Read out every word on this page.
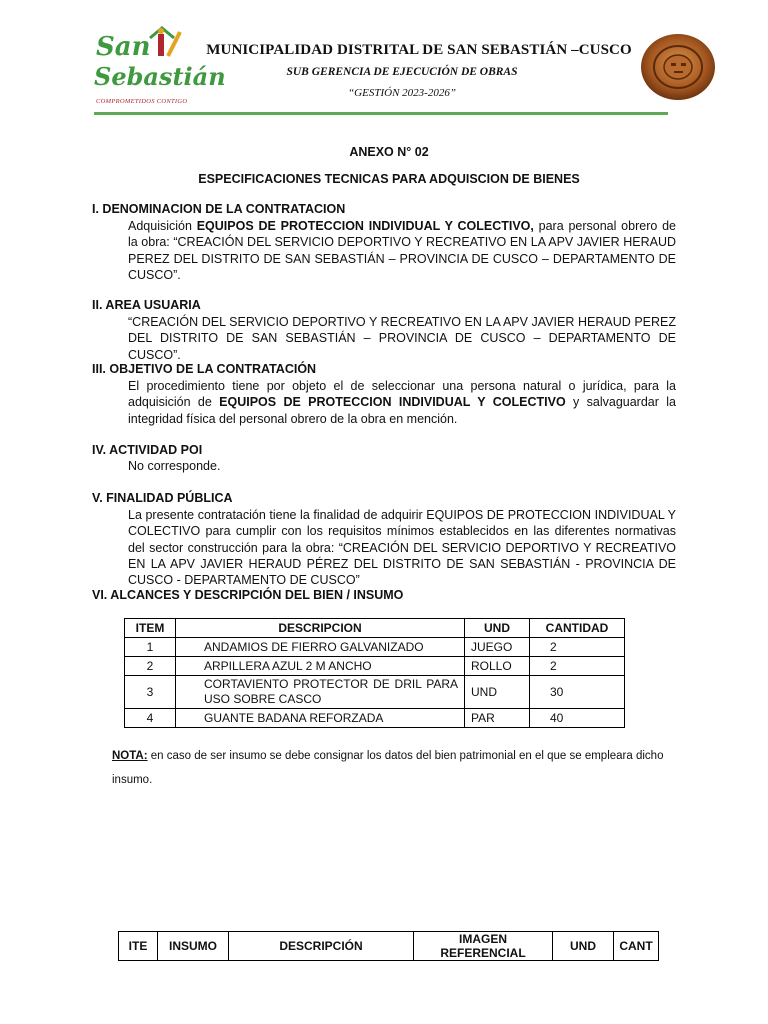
San
Sebastián
COMPROMETIDOS CONTIGO
MUNICIPALIDAD DISTRITAL DE SAN SEBASTIÁN –CUSCO
SUB GERENCIA DE EJECUCIÓN DE OBRAS
“GESTIÓN 2023-2026”
ANEXO N° 02
ESPECIFICACIONES TECNICAS PARA ADQUISCION DE BIENES
I. DENOMINACION DE LA CONTRATACION
Adquisición EQUIPOS DE PROTECCION INDIVIDUAL Y COLECTIVO, para personal obrero de la obra: “CREACIÓN DEL SERVICIO DEPORTIVO Y RECREATIVO EN LA APV JAVIER HERAUD PEREZ DEL DISTRITO DE SAN SEBASTIÁN – PROVINCIA DE CUSCO – DEPARTAMENTO DE CUSCO”.
II. AREA USUARIA
“CREACIÓN DEL SERVICIO DEPORTIVO Y RECREATIVO EN LA APV JAVIER HERAUD PEREZ DEL DISTRITO DE SAN SEBASTIÁN – PROVINCIA DE CUSCO – DEPARTAMENTO DE CUSCO”.
III. OBJETIVO DE LA CONTRATACIÓN
El procedimiento tiene por objeto el de seleccionar una persona natural o jurídica, para la adquisición de EQUIPOS DE PROTECCION INDIVIDUAL Y COLECTIVO y salvaguardar la integridad física del personal obrero de la obra en mención.
IV. ACTIVIDAD POI
No corresponde.
V. FINALIDAD PÚBLICA
La presente contratación tiene la finalidad de adquirir EQUIPOS DE PROTECCION INDIVIDUAL Y COLECTIVO para cumplir con los requisitos mínimos establecidos en las diferentes normativas del sector construcción para la obra: “CREACIÓN DEL SERVICIO DEPORTIVO Y RECREATIVO EN LA APV JAVIER HERAUD PÉREZ DEL DISTRITO DE SAN SEBASTIÁN - PROVINCIA DE CUSCO - DEPARTAMENTO DE CUSCO”
VI. ALCANCES Y DESCRIPCIÓN DEL BIEN / INSUMO
ITEM	DESCRIPCION	UND	CANTIDAD
1	ANDAMIOS DE FIERRO GALVANIZADO	JUEGO	2
2	ARPILLERA AZUL 2 M ANCHO	ROLLO	2
3	CORTAVIENTO PROTECTOR DE DRIL PARA USO SOBRE CASCO	UND	30
4	GUANTE BADANA REFORZADA	PAR	40
NOTA: en caso de ser insumo se debe consignar los datos del bien patrimonial en el que se empleara dicho insumo.
ITE	INSUMO	DESCRIPCIÓN	IMAGEN REFERENCIAL	UND	CANT
